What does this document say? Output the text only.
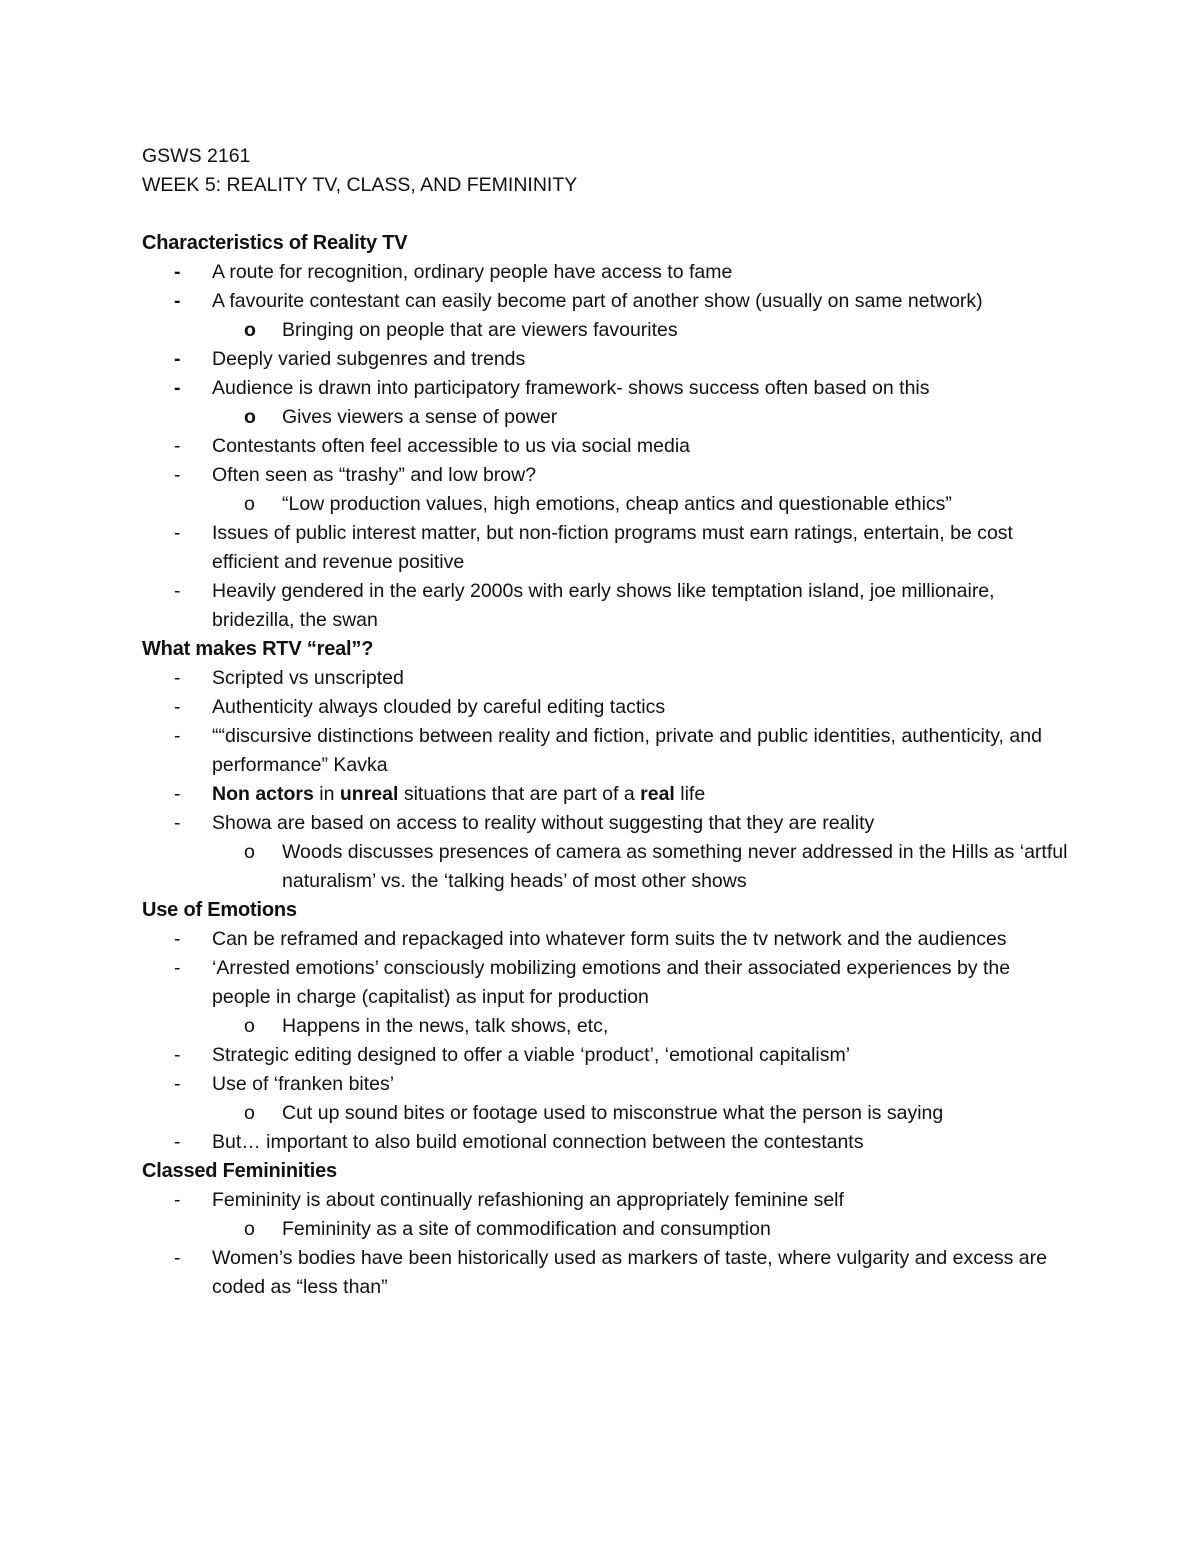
GSWS 2161

WEEK 5: REALITY TV, CLASS, AND FEMININITY

Characteristics of Reality TV

-	A route for recognition, ordinary people have access to fame
-	A favourite contestant can easily become part of another show (usually on same network)
o	Bringing on people that are viewers favourites
-	Deeply varied subgenres and trends
-	Audience is drawn into participatory framework- shows success often based on this
o	Gives viewers a sense of power
-	Contestants often feel accessible to us via social media
-	Often seen as “trashy” and low brow?
o	“Low production values, high emotions, cheap antics and questionable ethics”
-	Issues of public interest matter, but non-fiction programs must earn ratings, entertain, be cost efficient and revenue positive
-	Heavily gendered in the early 2000s with early shows like temptation island, joe millionaire, bridezilla, the swan

What makes RTV “real”?

-	Scripted vs unscripted
-	Authenticity always clouded by careful editing tactics
-	““discursive distinctions between reality and fiction, private and public identities, authenticity, and performance” Kavka
-	Non actors in unreal situations that are part of a real life
-	Showa are based on access to reality without suggesting that they are reality
o	Woods discusses presences of camera as something never addressed in the Hills as ‘artful naturalism’ vs. the ‘talking heads’ of most other shows

Use of Emotions

-	Can be reframed and repackaged into whatever form suits the tv network and the audiences
-	‘Arrested emotions’ consciously mobilizing emotions and their associated experiences by the people in charge (capitalist) as input for production
o	Happens in the news, talk shows, etc,
-	Strategic editing designed to offer a viable ‘product’, ‘emotional capitalism’
-	Use of ‘franken bites’
o	Cut up sound bites or footage used to misconstrue what the person is saying
-	But… important to also build emotional connection between the contestants

Classed Femininities

-	Femininity is about continually refashioning an appropriately feminine self
o	Femininity as a site of commodification and consumption
-	Women’s bodies have been historically used as markers of taste, where vulgarity and excess are coded as “less than”
